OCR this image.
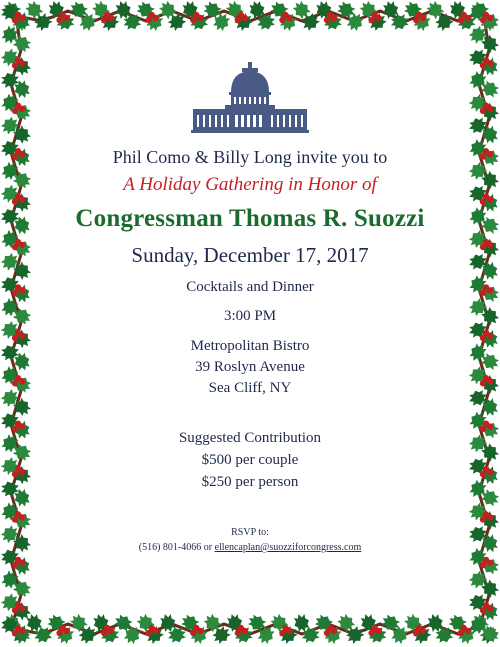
Phil Como & Billy Long invite you to
A Holiday Gathering in Honor of
Congressman Thomas R. Suozzi
Sunday, December 17, 2017
Cocktails and Dinner
3:00 PM
Metropolitan Bistro
39 Roslyn Avenue
Sea Cliff, NY
Suggested Contribution
$500 per couple
$250 per person
RSVP to:
(516) 801-4066 or ellencaplan@suozziforcongress.com
